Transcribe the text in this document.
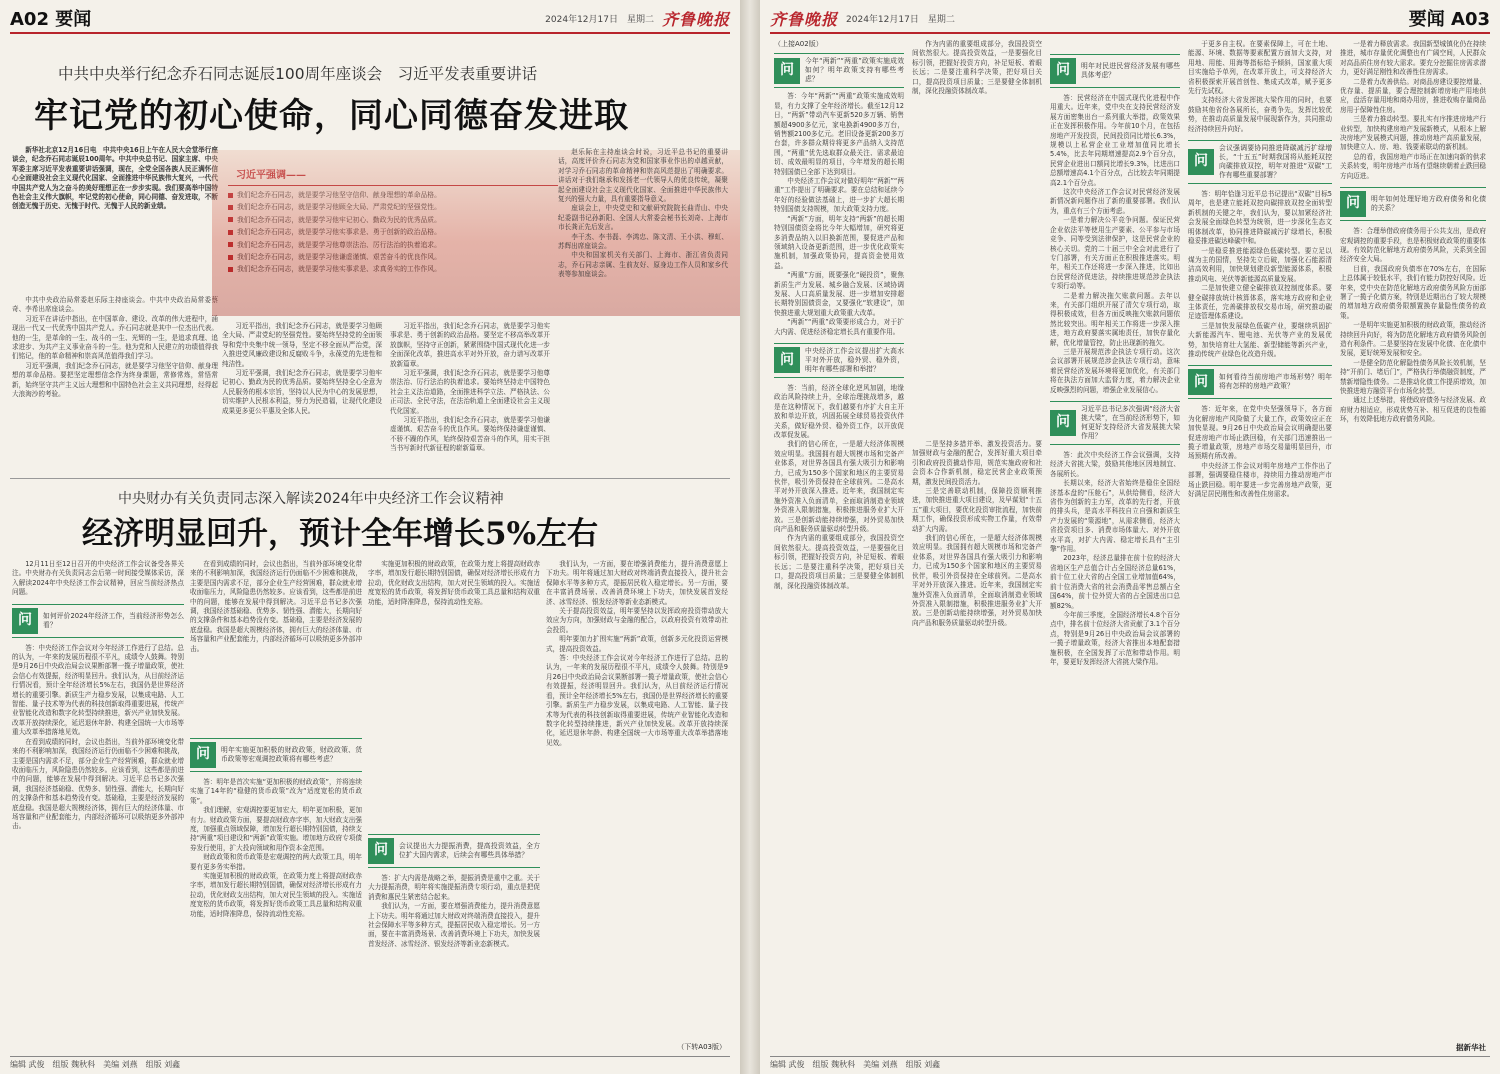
A02 要闻	2024年12月17日　星期二 齐鲁晚报
中共中央举行纪念乔石同志诞辰100周年座谈会　习近平发表重要讲话
牢记党的初心使命，同心同德奋发进取

新华社北京12月16日电　中共中央16日上午在人民大会堂举行座谈会，纪念乔石同志诞辰100周年。中共中央总书记、国家主席、中央军委主席习近平发表重要讲话强调，现在，全党全国各族人民正满怀信心全面建设社会主义现代化国家、全面推进中华民族伟大复兴，一代代中国共产党人为之奋斗的美好理想正在一步步实现。我们要高举中国特色社会主义伟大旗帜，牢记党的初心使命，同心同德、奋发进取，不断创造无愧于历史、无愧于时代、无愧于人民的新业绩。

中共中央政治局常委赵乐际主持座谈会。中共中央政治局常委蔡奇、李希出席座谈会。

习近平在讲话中指出，在中国革命、建设、改革的伟大进程中，涌现出一代又一代优秀中国共产党人。乔石同志就是其中一位杰出代表。他的一生，是革命的一生、战斗的一生、光辉的一生，是追求真理、追求进步、为共产主义事业奋斗的一生。他为党和人民建立的功绩值得我们铭记，他的革命精神和崇高风范值得我们学习。

习近平强调，我们纪念乔石同志，就是要学习他坚守信仰、献身理想的革命品格。要把坚定理想信念作为终身课题，常修常炼，常悟常新，始终坚守共产主义远大理想和中国特色社会主义共同理想，经得起大浪淘沙的考验。

习近平强调——
我们纪念乔石同志，就是要学习他坚守信仰、献身理想的革命品格。
我们纪念乔石同志，就是要学习他顾全大局、严肃党纪的坚强党性。
我们纪念乔石同志，就是要学习他牢记初心、勤政为民的优秀品质。
我们纪念乔石同志，就是要学习他实事求是、勇于创新的政治品格。
我们纪念乔石同志，就是要学习他尊崇法治、厉行法治的执着追求。
我们纪念乔石同志，就是要学习他谦虚谨慎、艰苦奋斗的优良作风。
我们纪念乔石同志，就是要学习他实事求是、求真务实的工作作风。

习近平指出，我们纪念乔石同志，就是要学习他顾全大局、严肃党纪的坚强党性。要始终坚持党的全面领导和党中央集中统一领导，坚定不移全面从严治党，深入推进党风廉政建设和反腐败斗争，永葆党的先进性和纯洁性。

习近平强调，我们纪念乔石同志，就是要学习他牢记初心、勤政为民的优秀品质。要始终坚持全心全意为人民服务的根本宗旨，坚持以人民为中心的发展思想，切实维护人民根本利益，努力为民造福，让现代化建设成果更多更公平惠及全体人民。

习近平指出，我们纪念乔石同志，就是要学习他实事求是、勇于创新的政治品格。要坚定不移高举改革开放旗帜，坚持守正创新，紧紧围绕中国式现代化进一步全面深化改革，推进高水平对外开放，奋力谱写改革开放新篇章。

习近平强调，我们纪念乔石同志，就是要学习他尊崇法治、厉行法治的执着追求。要始终坚持走中国特色社会主义法治道路，全面推进科学立法、严格执法、公正司法、全民守法，在法治轨道上全面建设社会主义现代化国家。

习近平指出，我们纪念乔石同志，就是要学习他谦虚谨慎、艰苦奋斗的优良作风。要始终保持谦虚谨慎、不骄不躁的作风，始终保持艰苦奋斗的作风，用实干担当书写新时代新征程的崭新篇章。

赵乐际在主持座谈会时说，习近平总书记的重要讲话，高度评价乔石同志为党和国家事业作出的卓越贡献，对学习乔石同志的革命精神和崇高风范提出了明确要求。讲话对于我们继承和发扬老一代领导人的优良传统，凝聚起全面建设社会主义现代化国家、全面推进中华民族伟大复兴的强大力量，具有重要指导意义。

座谈会上，中央党史和文献研究院院长曲青山、中央纪委副书记孙新阳、全国人大常委会秘书长刘奇、上海市市长龚正先后发言。

李干杰、李书磊、李鸿忠、陈文清、王小洪、穆虹、苏辉出席座谈会。

中央和国家机关有关部门、上海市、浙江省负责同志，乔石同志亲属、生前友好、原身边工作人员和家乡代表等参加座谈会。

中央财办有关负责同志深入解读2024年中央经济工作会议精神
经济明显回升，预计全年增长5%左右

12月11日至12日召开的中央经济工作会议备受各界关注。中央财办有关负责同志会后第一时间接受媒体采访，深入解读2024年中央经济工作会议精神，回应当前经济热点问题。

问	如何评价2024年经济工作，当前经济形势怎么看？

答：中央经济工作会议对今年经济工作进行了总结。总的认为，一年来的发展历程很不平凡，成绩令人鼓舞。特别是9月26日中央政治局会议果断部署一揽子增量政策，使社会信心有效提振，经济明显回升。我们认为，从目前经济运行情况看，预计全年经济增长5%左右，我国仍是世界经济增长的重要引擎。新质生产力稳步发展，以集成电路、人工智能、量子技术等为代表的科技创新取得重要进展，传统产业智能化改造和数字化转型持续推进，新兴产业加快发展。改革开放持续深化，延迟退休年龄、构建全国统一大市场等重大改革举措落地见效。

在看到成绩的同时，会议也指出，当前外部环境变化带来的不利影响加深，我国经济运行仍面临不少困难和挑战，主要是国内需求不足，部分企业生产经营困难，群众就业增收面临压力，风险隐患仍然较多。应该看到，这些都是前进中的问题，能够在发展中得到解决。习近平总书记多次强调，我国经济基础稳、优势多、韧性强、潜能大，长期向好的支撑条件和基本趋势没有变。基础稳，主要是经济发展的底盘稳。我国是超大规模经济体，拥有巨大的经济体量、市场容量和产业配套能力，内部经济循环可以吸纳更多外部冲击。

在看到成绩的同时，会议也指出，当前外部环境变化带来的不利影响加深，我国经济运行仍面临不少困难和挑战，主要是国内需求不足，部分企业生产经营困难，群众就业增收面临压力，风险隐患仍然较多。应该看到，这些都是前进中的问题，能够在发展中得到解决。习近平总书记多次强调，我国经济基础稳、优势多、韧性强、潜能大，长期向好的支撑条件和基本趋势没有变。基础稳，主要是经济发展的底盘稳。我国是超大规模经济体，拥有巨大的经济体量、市场容量和产业配套能力，内部经济循环可以吸纳更多外部冲击。

问	明年实施更加积极的财政政策，财政政策、货币政策等宏观调控政策将有哪些考虑？

答：明年是首次实施“更加积极的财政政策”，并将连续实施了14年的“稳健的货币政策”改为“适度宽松的货币政策”。

我们理解，宏观调控要更加宏大，明年更加积极，更加有力。财政政策方面，要提高财政赤字率，加大财政支出强度，加强重点领域保障，增加发行超长期特别国债，持续支持“两重”项目建设和“两新”政策实施。增加地方政府专项债券发行使用，扩大投向领域和用作资本金范围。

财政政策和货币政策是宏观调控的两大政策工具，明年要有更多务实举措。

实施更加积极的财政政策，在政策力度上将提高财政赤字率，增加发行超长期特别国债，确保对经济增长形成有力拉动，优化财政支出结构，加大对民生领域的投入。实施适度宽松的货币政策，将发挥好货币政策工具总量和结构双重功能，适时降准降息，保持流动性充裕。

实施更加积极的财政政策，在政策力度上将提高财政赤字率，增加发行超长期特别国债，确保对经济增长形成有力拉动，优化财政支出结构，加大对民生领域的投入。实施适度宽松的货币政策，将发挥好货币政策工具总量和结构双重功能，适时降准降息，保持流动性充裕。

问	会议提出大力提振消费，提高投资效益，全方位扩大国内需求，后续会有哪些具体举措？

答：扩大内需是战略之举，提振消费是重中之重。关于大力提振消费，明年将实施提振消费专项行动，重点是把促消费和惠民生紧密结合起来。

我们认为，一方面，要在增强消费能力，提升消费意愿上下功夫。明年将通过加大财政对终端消费直接投入，提升社会保障水平等多种方式，提振居民收入稳定增长。另一方面，要在丰富消费场景、改善消费环境上下功夫，加快发展首发经济、冰雪经济、银发经济等新业态新模式。

我们认为，一方面，要在增强消费能力，提升消费意愿上下功夫。明年将通过加大财政对终端消费直接投入，提升社会保障水平等多种方式，提振居民收入稳定增长。另一方面，要在丰富消费场景、改善消费环境上下功夫，加快发展首发经济、冰雪经济、银发经济等新业态新模式。

关于提高投资效益，明年要坚持以发挥政府投资带动放大效应为方向，加强财政与金融的配合，以政府投资有效带动社会投资。

明年要加力扩围实施“两新”政策，创新多元化投资运营模式，提高投资效益。

答：中央经济工作会议对今年经济工作进行了总结。总的认为，一年来的发展历程很不平凡，成绩令人鼓舞。特别是9月26日中央政治局会议果断部署一揽子增量政策，使社会信心有效提振，经济明显回升。我们认为，从目前经济运行情况看，预计全年经济增长5%左右，我国仍是世界经济增长的重要引擎。新质生产力稳步发展，以集成电路、人工智能、量子技术等为代表的科技创新取得重要进展，传统产业智能化改造和数字化转型持续推进，新兴产业加快发展。改革开放持续深化，延迟退休年龄、构建全国统一大市场等重大改革举措落地见效。

（下转A03版）
编辑 武俊　组版 魏秋科　美编 刘燕　组版 刘鑫
齐鲁晚报 2024年12月17日　星期二	要闻 A03
（上接A02版）
问
今年“两新”“两重”政策实施成效如何？明年政策支持有哪些考虑？

答：今年“两新”“两重”政策实施成效明显，有力支撑了全年经济增长。截至12月12日，“两新”带动汽车更新520多万辆、销售额超4900多亿元，家电换新4900多万台，销售额2100多亿元。老旧设备更新200多万台套，许多群众期待将更多产品纳入支持范围，“两重”优先选取群众最关注、需求最迫切、成效最明显的项目，今年增发的超长期特别国债已全部下达到项目。

中央经济工作会议对做好明年“两新”“两重”工作提出了明确要求。要在总结和延续今年好的经验做法基础上，进一步扩大超长期特别国债支持规模，加大政策支持力度。

“两新”方面，明年支持“两新”的超长期特别国债资金将比今年大幅增加，研究将更多消费品纳入以旧换新范围，要促进产品和领域纳入设备更新范围，进一步优化政策实施机制，加强政策协同，提高资金使用效益。

“两重”方面，既要强化“硬投资”，聚焦新质生产力发展、城乡融合发展、区域协调发展、人口高质量发展、进一步增加安排超长期特别国债资金，又要强化“软建设”，加快推进重大规划重大政策重大改革。

“两新”“两重”政策要形成合力，对于扩大内需、促进经济稳定增长具有重要作用。

问
中央经济工作会议提出扩大高水平对外开放，稳外贸、稳外资，明年有哪些部署和举措？

答：当前，经济全球化逆风加剧，地缘政治风险持续上升，全球治理挑战增多，越是在这种情况下，我们越要有序扩大自主开放和单边开放，巩固拓展全球贸易投资伙伴关系，做好稳外贸、稳外资工作，以开放促改革促发展。

我们的信心所在，一是超大经济体规模效应明显。我国拥有超大规模市场和完备产业体系，对世界各国具有强大吸引力和影响力，已成为150多个国家和地区的主要贸易伙伴，吸引外资保持在全球前列。二是高水平对外开放深入推进。近年来，我国制定实施外资准入负面清单，全面取消制造业领域外资准入限制措施，积极推进服务业扩大开放。三是创新动能持续增强，对外贸易加快向产品和服务质量驱动转型升级。

作为内需的重要组成部分，我国投资空间依然很大。提高投资效益，一是要强化目标引领，把握好投资方向，补足短板、着眼长远；二是要注重科学决策，把好项目关口，提高投资项目质量；三是要健全体制机制，深化投融资体制改革。

作为内需的重要组成部分，我国投资空间依然很大。提高投资效益，一是要强化目标引领，把握好投资方向，补足短板、着眼长远；二是要注重科学决策，把好项目关口，提高投资项目质量；三是要健全体制机制，深化投融资体制改革。

二是坚持多措并举、激发投资活力。要加强财政与金融的配合，发挥好重大项目牵引和政府投资撬动作用，规范实施政府和社会资本合作新机制，稳定民营企业政策预期，激发民间投资活力。

三是完善联动机制，保障投资顺利推进，加快推进重大项目建设，及早谋划“十五五”重大项目，要优化投资审批流程，加快前期工作，确保投资形成实物工作量，有效带动扩大内需。

我们的信心所在，一是超大经济体规模效应明显。我国拥有超大规模市场和完备产业体系，对世界各国具有强大吸引力和影响力，已成为150多个国家和地区的主要贸易伙伴，吸引外资保持在全球前列。二是高水平对外开放深入推进。近年来，我国制定实施外资准入负面清单，全面取消制造业领域外资准入限制措施，积极推进服务业扩大开放。三是创新动能持续增强，对外贸易加快向产品和服务质量驱动转型升级。

问	明年对民进民营经济发展有哪些具体考虑？

答：民营经济在中国式现代化进程中作用重大。近年来，党中央在支持民营经济发展方面密集出台一系列重大举措，政策效果正在发挥积极作用。今年前10个月，在包括房地产开发投资，民间投资同比增长6.3%，规模以上私营企业工业增加值同比增长5.4%，比去年同期增速提高2.9个百分点，民营企业进出口额同比增长9.3%，比进出口总额增速高4.1个百分点，占比较去年同期提高2.1个百分点。

这次中央经济工作会议对民营经济发展新情况新问题作出了新的重要部署。我们认为，重点有三个方面考虑。

一是着力解决公平竞争问题。保证民营企业依法平等使用生产要素、公平参与市场竞争、同等受到法律保护，这是民营企业的核心关切。党的二十届三中全会对此进行了专门部署，有关方面正在积极推进落实。明年，相关工作还将进一步深入推进，比如出台民营经济促进法，持续推进规范涉企执法专项行动等。

二是着力解决拖欠账款问题。去年以来，有关部门组织开展了清欠专项行动，取得积极成效，但各方面反映拖欠账款问题依然比较突出。明年相关工作将进一步深入推进，地方政府要落实属地责任，加快存量化解，优化增量管控，防止出现新的拖欠。

三是开展规范涉企执法专项行动。这次会议部署开展规范涉企执法专项行动，意味着民营经济发展环境将更加优化，有关部门将在执法方面加大监督力度，着力解决企业反映强烈的问题，增强企业发展信心。

问
习近平总书记多次强调“经济大省挑大梁”，在当前经济形势下，如何更好支持经济大省发展挑大梁作用？

答：此次中央经济工作会议强调，支持经济大省挑大梁，鼓励其他地区因地制宜、各展所长。

长期以来，经济大省始终是稳住全国经济基本盘的“压舱石”，从供给侧看，经济大省作为创新的主力军，改革的先行者，开放的排头兵，是高水平科技自立自强和新质生产力发展的“策源地”，从需求侧看，经济大省投资项目多、消费市场体量大、对外开放水平高，对扩大内需、稳定增长具有“主引擎”作用。

2023年，经济总量排在前十位的经济大省地区生产总值合计占全国经济总量61%，前十位工业大省的占全国工业增加值64%，前十位消费大省的社会消费品零售总额占全国64%，前十位外贸大省的占全国进出口总额82%。

今年前三季度，全国经济增长4.8个百分点中，排名前十位经济大省贡献了3.1个百分点，特别是9月26日中央政治局会议部署的一揽子增量政策，经济大省推出本地配套措施积极，在全国发挥了示范和带动作用。明年，要更好发挥经济大省挑大梁作用。

于更多自主权。在要素保障上，可在土地、能源、环境、数据等要素配置方面加大支持，对用地、用能、用海等指标给予倾斜，国家重大项目实施给予单列，在改革开放上，可支持经济大省积极探索开展首创性、集成式改革，赋予更多先行先试权。

支持经济大省发挥挑大梁作用的同时，也要鼓励其他省份各展所长，奋勇争先，发挥比较优势，在推动高质量发展中展现新作为，共同推动经济持续回升向好。

问
会议强调要协同推进降碳减污扩绿增长，“十五五”时期我国将从能耗双控向碳排放双控，明年对推进“双碳”工作有哪些重要部署？

答：明年恰逢习近平总书记提出“双碳”目标5周年，也是建立能耗双控向碳排放双控全面转型新机制的关键之年，我们认为，要以加紧经济社会发展全面绿色转型为统领，进一步深化生态文明体制改革，协同推进降碳减污扩绿增长，积极稳妥推进碳达峰碳中和。

一是稳妥推进能源绿色低碳转型。要立足以煤为主的国情，坚持先立后破，加强化石能源清洁高效利用，加快规划建设新型能源体系，积极推动风电、光伏等新能源高质量发展。

二是加快建立健全碳排放双控制度体系。要健全碳排放统计核算体系，落实地方政府和企业主体责任，完善碳排放权交易市场，研究推动碳足迹管理体系建设。

三是加快发展绿色低碳产业，要继续巩固扩大新能源汽车、锂电池、光伏等产业的发展优势，加快培育壮大氢能、新型储能等新兴产业，推动传统产业绿色化改造升级。

问	如何看待当前房地产市场形势？明年将有怎样的房地产政策？

答：近年来，在党中央坚强领导下，各方面为化解房地产风险做了大量工作，政策效应正在加快显现。9月26日中央政治局会议明确提出要促进房地产市场止跌回稳，有关部门迅速推出一揽子增量政策，房地产市场交易量明显回升，市场预期有所改善。

中央经济工作会议对明年房地产工作作出了部署，强调要稳住楼市，持续用力推动房地产市场止跌回稳。明年要进一步完善房地产政策，更好满足居民刚性和改善性住房需求。

一是着力释放需求。我国新型城镇化仍在持续推进，城市存量优化调整也有广阔空间，人民群众对高品质住房有较大需求。要充分挖掘住房需求潜力，更好满足刚性和改善性住房需求。

二是着力改善供给。对商品房建设要控增量、优存量、提质量，要合理控制新增房地产用地供应，盘活存量用地和商办用房，推进收购存量商品房用于保障性住房。

三是着力推动转型。要扎实有序推进房地产行业转型，加快构建房地产发展新模式，从根本上解决房地产发展模式问题，推动房地产高质量发展，加快建立人、房、地、钱要素联动的新机制。

总的看，我国房地产市场正在加速向新的供求关系转变，明年房地产市场有望继续朝着止跌回稳方向迈进。

问	明年如何处理好地方政府债务和化债的关系？

答：合理举借政府债务用于公共支出，是政府宏观调控的重要手段，也是积极财政政策的重要体现。有效防范化解地方政府债务风险，关系到全国经济安全大局。

目前，我国政府负债率在70%左右，在国际上总体属于较低水平，我们有能力防控好风险。近年来，党中央在防范化解地方政府债务风险方面部署了一揽子化债方案，特别是近期出台了较大规模的增加地方政府债务限额置换存量隐性债务的政策。

一是明年实施更加积极的财政政策，推动经济持续回升向好，将为防范化解地方政府债务风险创造有利条件。二是要坚持在发展中化债、在化债中发展，更好统筹发展和安全。

一是健全防范化解隐性债务风险长效机制，坚持“开前门、堵后门”，严格执行举债融资制度，严禁新增隐性债务。二是推动化债工作提质增效，加快推进地方融资平台市场化转型。

通过上述举措，将使政府债务与经济发展、政府财力相适应，形成优势互补、相互促进的良性循环，有效降低地方政府债务风险。

据新华社
编辑 武俊　组版 魏秋科　美编 刘燕　组版 刘鑫
